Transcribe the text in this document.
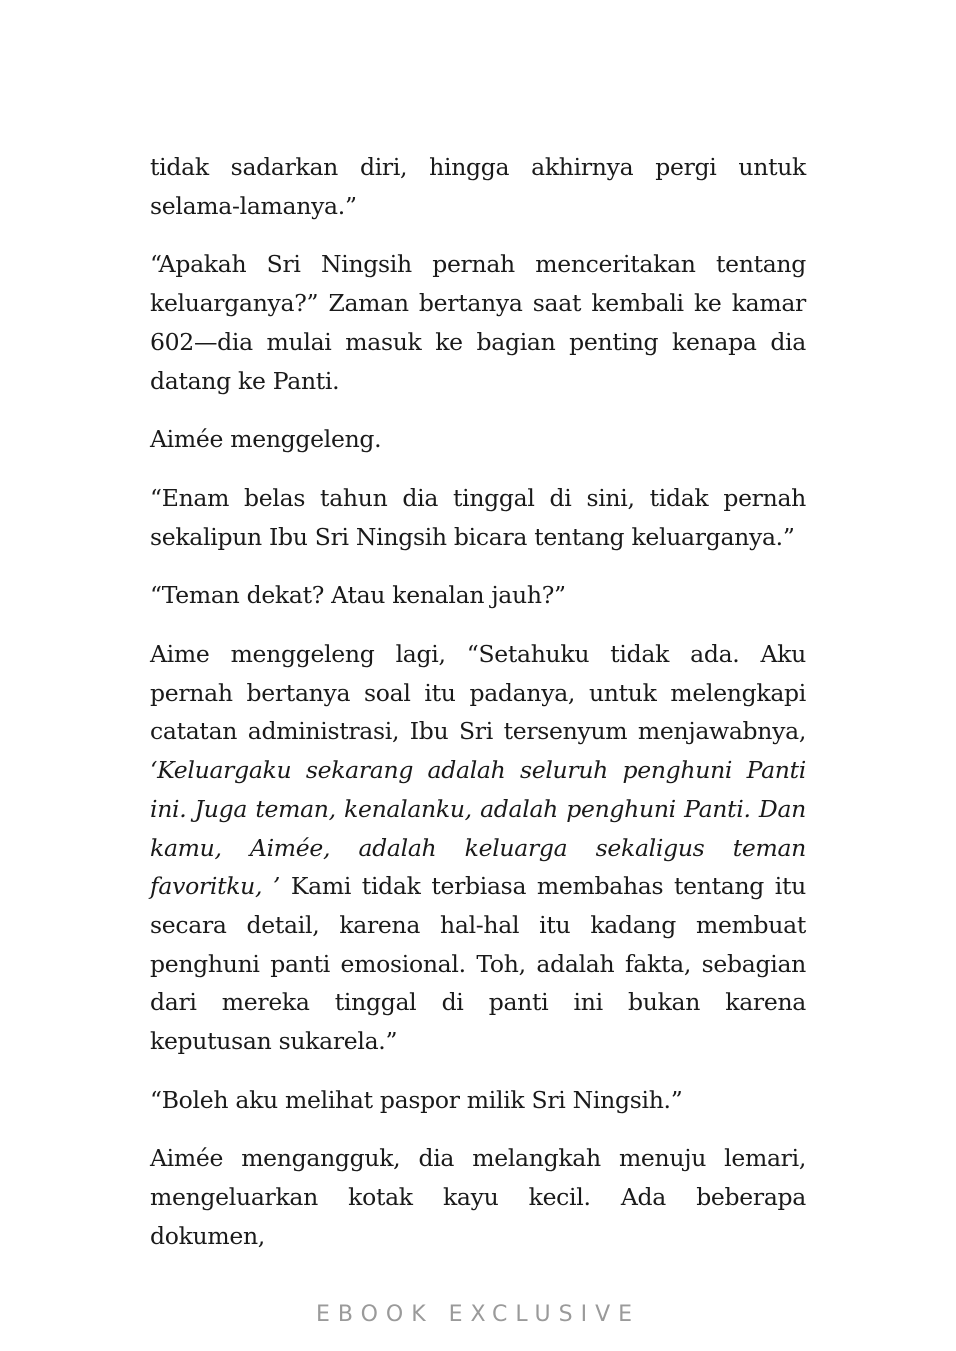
tidak sadarkan diri, hingga akhirnya pergi untuk selama-lamanya.”

“Apakah Sri Ningsih pernah menceritakan tentang keluarganya?” Zaman bertanya saat kembali ke kamar 602—dia mulai masuk ke bagian penting kenapa dia datang ke Panti.

Aimée menggeleng.

“Enam belas tahun dia tinggal di sini, tidak pernah sekalipun Ibu Sri Ningsih bicara tentang keluarganya.”

“Teman dekat? Atau kenalan jauh?”

Aime menggeleng lagi, “Setahuku tidak ada. Aku pernah bertanya soal itu padanya, untuk melengkapi catatan administrasi, Ibu Sri tersenyum menjawabnya, ‘Keluargaku sekarang adalah seluruh penghuni Panti ini. Juga teman, kenalanku, adalah penghuni Panti. Dan kamu, Aimée, adalah keluarga sekaligus teman favoritku, ’ Kami tidak terbiasa membahas tentang itu secara detail, karena hal-hal itu kadang membuat penghuni panti emosional. Toh, adalah fakta, sebagian dari mereka tinggal di panti ini bukan karena keputusan sukarela.”

“Boleh aku melihat paspor milik Sri Ningsih.”

Aimée mengangguk, dia melangkah menuju lemari, mengeluarkan kotak kayu kecil. Ada beberapa dokumen,

EBOOK EXCLUSIVE
